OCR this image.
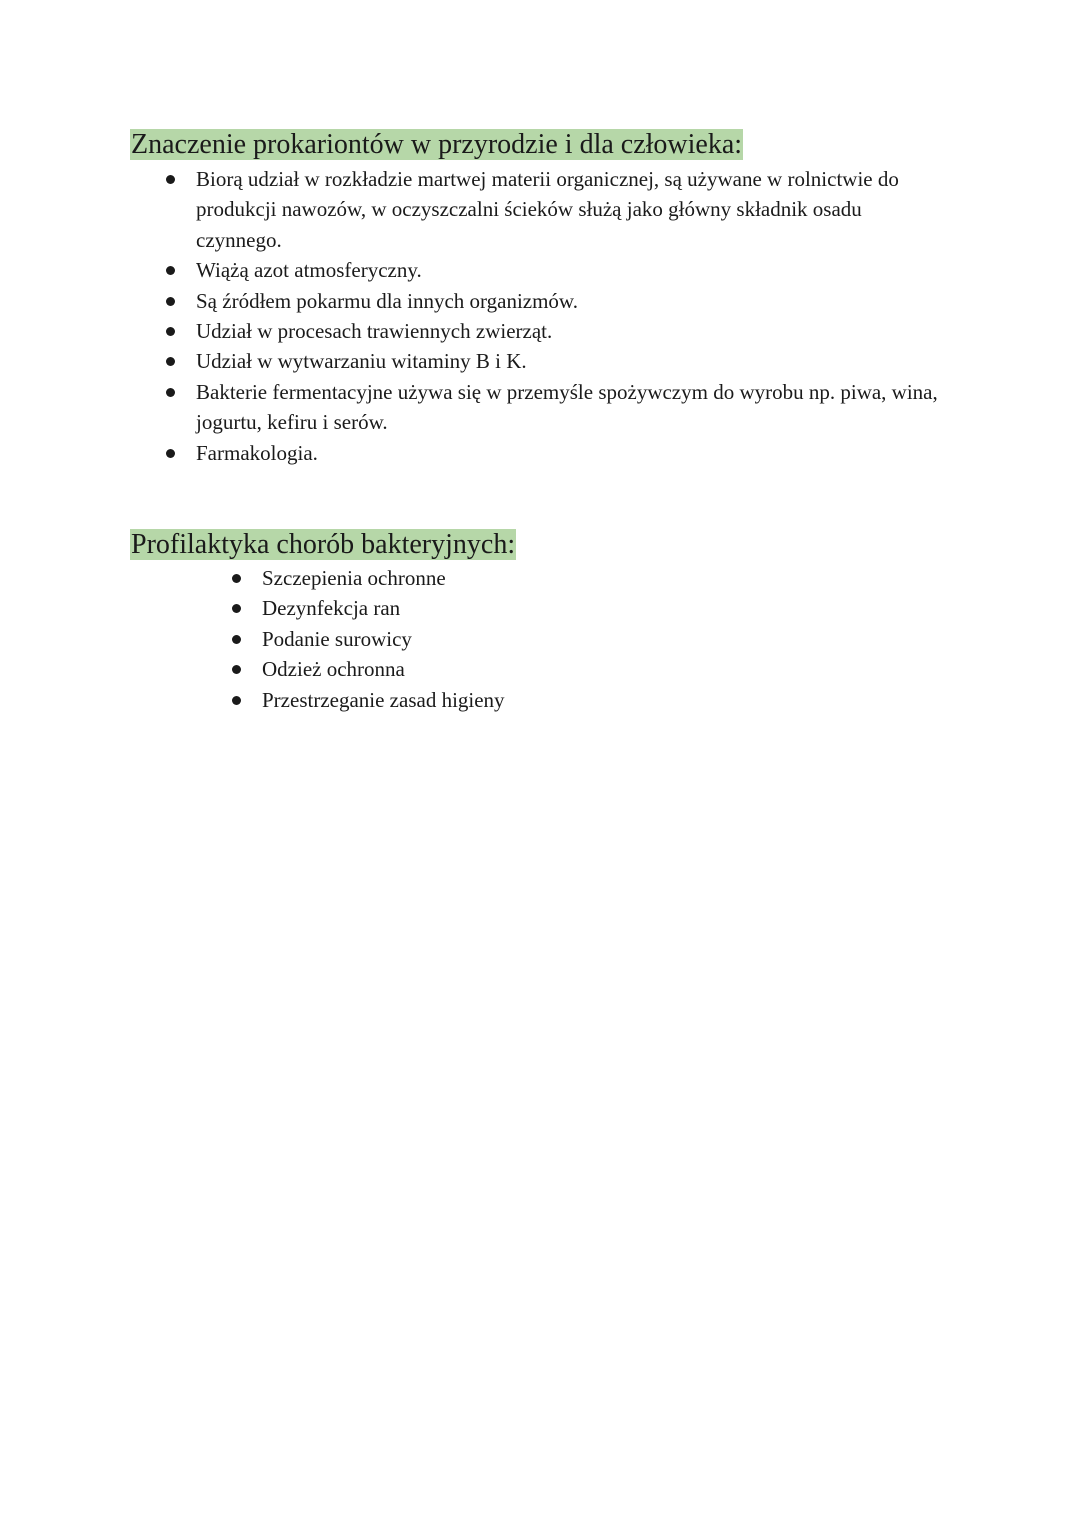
Znaczenie prokariontów w przyrodzie i dla człowieka:
Biorą udział w rozkładzie martwej materii organicznej, są używane w rolnictwie do produkcji nawozów, w oczyszczalni ścieków służą jako główny składnik osadu czynnego.
Wiążą azot atmosferyczny.
Są źródłem pokarmu dla innych organizmów.
Udział w procesach trawiennych zwierząt.
Udział w wytwarzaniu witaminy B i K.
Bakterie fermentacyjne używa się w przemyśle spożywczym do wyrobu np. piwa, wina, jogurtu, kefiru i serów.
Farmakologia.
Profilaktyka chorób bakteryjnych:
Szczepienia ochronne
Dezynfekcja ran
Podanie surowicy
Odzież ochronna
Przestrzeganie zasad higieny
